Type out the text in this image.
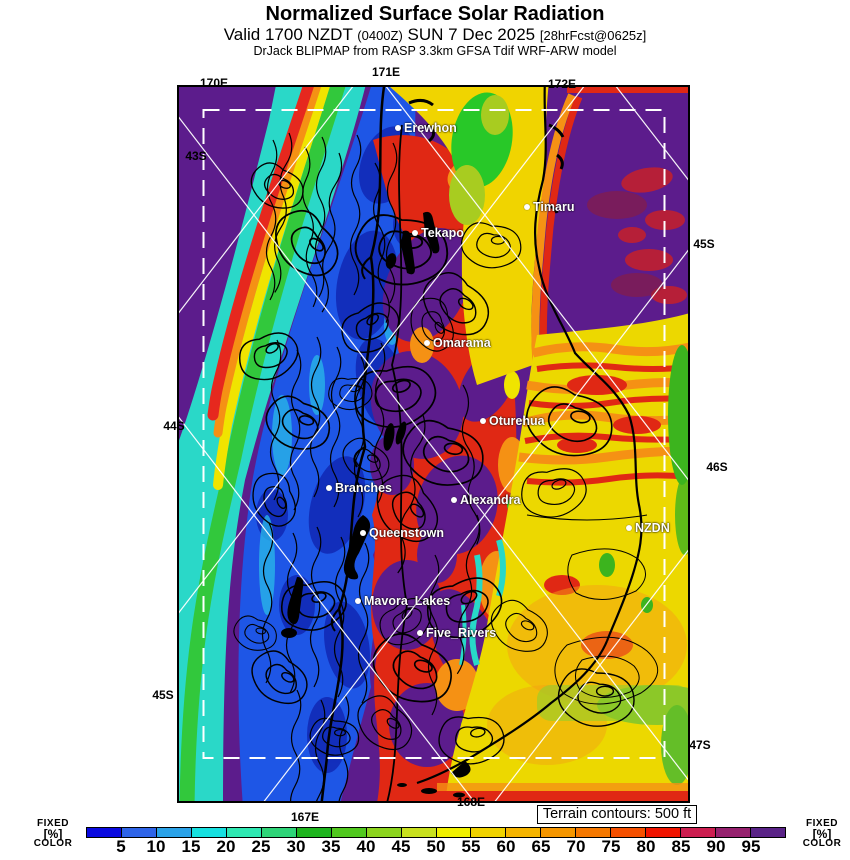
Normalized Surface Solar Radiation
Valid 1700 NZDT (0400Z) SUN 7 Dec 2025 [28hrFcst@0625z]
DrJack BLIPMAP from RASP 3.3km GFSA Tdif WRF-ARW model
170E
171E
172E
167E
168E
43S
44S
45S
45S
46S
47S
Erewhon
Timaru
Tekapo
Omarama
Oturehua
Branches
Alexandra
Queenstown	NZDN
Mavora_Lakes
Five_Rivers
Terrain contours: 500 ft
FIXED
[%]
COLOR
FIXED
[%]
COLOR
5 10 15 20 25 30 35 40 45 50 55 60 65 70 75 80 85 90 95
